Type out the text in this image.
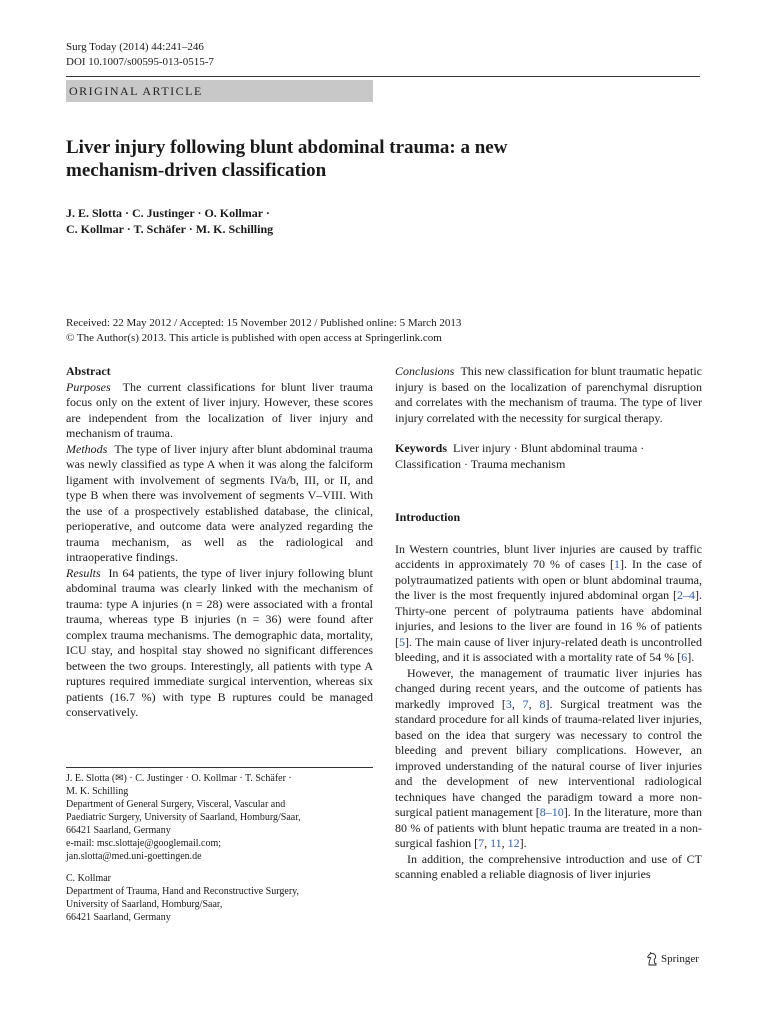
Surg Today (2014) 44:241–246
DOI 10.1007/s00595-013-0515-7
ORIGINAL ARTICLE
Liver injury following blunt abdominal trauma: a new
mechanism-driven classification
J. E. Slotta · C. Justinger · O. Kollmar ·
C. Kollmar · T. Schäfer · M. K. Schilling
Received: 22 May 2012 / Accepted: 15 November 2012 / Published online: 5 March 2013
© The Author(s) 2013. This article is published with open access at Springerlink.com

Abstract

Purposes The current classifications for blunt liver trauma focus only on the extent of liver injury. However, these scores are independent from the localization of liver injury and mechanism of trauma.

Methods The type of liver injury after blunt abdominal trauma was newly classified as type A when it was along the falciform ligament with involvement of segments IVa/b, III, or II, and type B when there was involvement of segments V–VIII. With the use of a prospectively established database, the clinical, perioperative, and outcome data were analyzed regarding the trauma mechanism, as well as the radiological and intraoperative findings.

Results In 64 patients, the type of liver injury following blunt abdominal trauma was clearly linked with the mechanism of trauma: type A injuries (n = 28) were associated with a frontal trauma, whereas type B injuries (n = 36) were found after complex trauma mechanisms. The demographic data, mortality, ICU stay, and hospital stay showed no significant differences between the two groups. Interestingly, all patients with type A ruptures required immediate surgical intervention, whereas six patients (16.7 %) with type B ruptures could be managed conservatively.

Conclusions This new classification for blunt traumatic hepatic injury is based on the localization of parenchymal disruption and correlates with the mechanism of trauma. The type of liver injury correlated with the necessity for surgical therapy.

Keywords Liver injury · Blunt abdominal trauma · Classification · Trauma mechanism

Introduction

In Western countries, blunt liver injuries are caused by traffic accidents in approximately 70 % of cases [1]. In the case of polytraumatized patients with open or blunt abdominal trauma, the liver is the most frequently injured abdominal organ [2–4]. Thirty-one percent of polytrauma patients have abdominal injuries, and lesions to the liver are found in 16 % of patients [5]. The main cause of liver injury-related death is uncontrolled bleeding, and it is associated with a mortality rate of 54 % [6].

However, the management of traumatic liver injuries has changed during recent years, and the outcome of patients has markedly improved [3, 7, 8]. Surgical treatment was the standard procedure for all kinds of trauma-related liver injuries, based on the idea that surgery was necessary to control the bleeding and prevent biliary complications. However, an improved understanding of the natural course of liver injuries and the development of new interventional radiological techniques have changed the paradigm toward a more non-surgical patient management [8–10]. In the literature, more than 80 % of patients with blunt hepatic trauma are treated in a non-surgical fashion [7, 11, 12].

In addition, the comprehensive introduction and use of CT scanning enabled a reliable diagnosis of liver injuries

J. E. Slotta (✉) · C. Justinger · O. Kollmar · T. Schäfer ·

M. K. Schilling

Department of General Surgery, Visceral, Vascular and

Paediatric Surgery, University of Saarland, Homburg/Saar,

66421 Saarland, Germany

e-mail: msc.slottaje@googlemail.com;

jan.slotta@med.uni-goettingen.de

C. Kollmar

Department of Trauma, Hand and Reconstructive Surgery,

University of Saarland, Homburg/Saar,

66421 Saarland, Germany

Springer
